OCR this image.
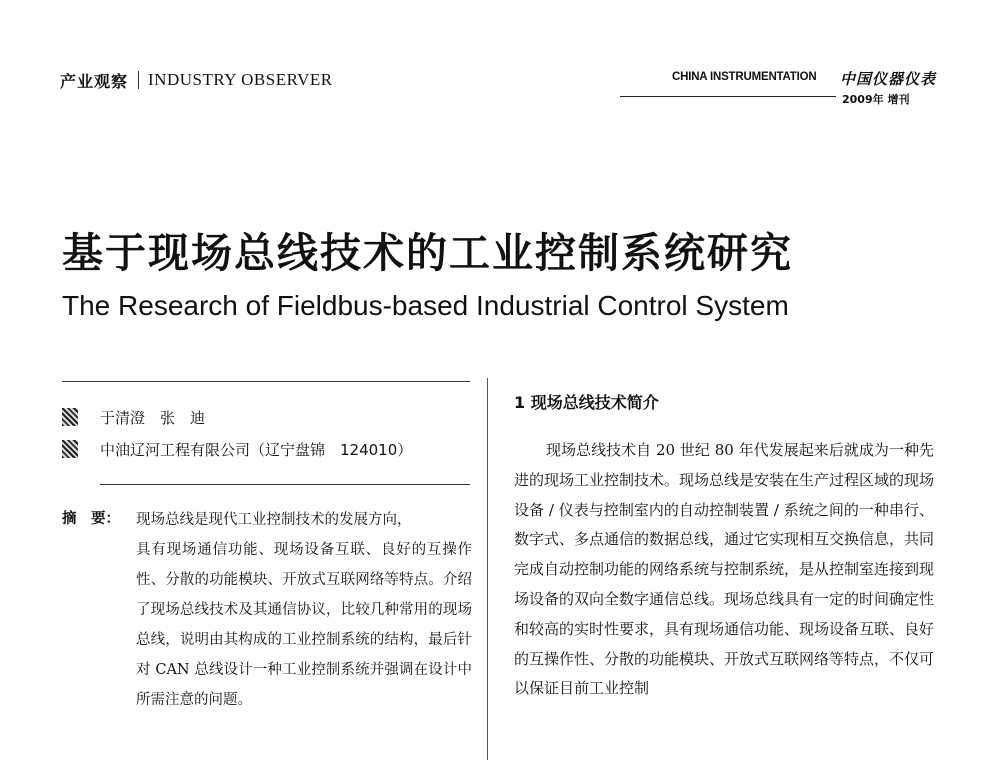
产业观察 INDUSTRY OBSERVER	CHINA INSTRUMENTATION 中国仪器仪表
2009年 增刊
基于现场总线技术的工业控制系统研究
The Research of Fieldbus-based Industrial Control System
于清澄　张　迪
中油辽河工程有限公司（辽宁盘锦　124010）
摘　要： 现场总线是现代工业控制技术的发展方向，
具有现场通信功能、现场设备互联、良好的互操作性、分散的功能模块、开放式互联网络等特点。介绍了现场总线技术及其通信协议，比较几种常用的现场总线，说明由其构成的工业控制系统的结构，最后针对 CAN 总线设计一种工业控制系统并强调在设计中所需注意的问题。
1 现场总线技术简介
现场总线技术自 20 世纪 80 年代发展起来后就成为一种先进的现场工业控制技术。现场总线是安装在生产过程区域的现场设备 / 仪表与控制室内的自动控制装置 / 系统之间的一种串行、数字式、多点通信的数据总线，通过它实现相互交换信息，共同完成自动控制功能的网络系统与控制系统，是从控制室连接到现场设备的双向全数字通信总线。现场总线具有一定的时间确定性和较高的实时性要求，具有现场通信功能、现场设备互联、良好的互操作性、分散的功能模块、开放式互联网络等特点，不仅可以保证目前工业控制
